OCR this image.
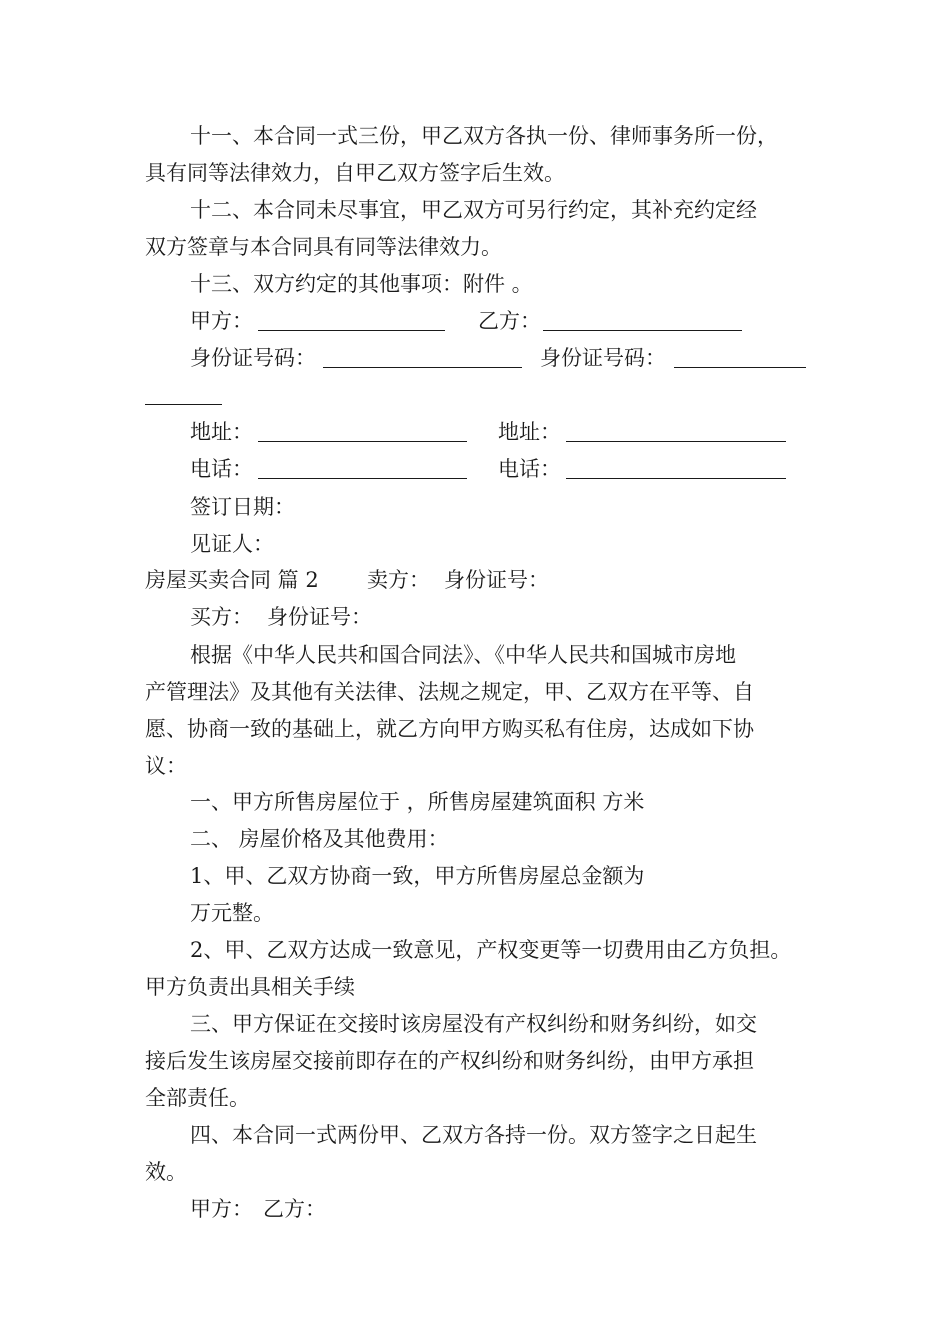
十一、本合同一式三份，甲乙双方各执一份、律师事务所一份，
具有同等法律效力，自甲乙双方签字后生效。
十二、本合同未尽事宜，甲乙双方可另行约定，其补充约定经
双方签章与本合同具有同等法律效力。
十三、双方约定的其他事项：附件 。
甲方：	乙方：
身份证号码：	身份证号码：
地址：	地址：
电话：	电话：
签订日期：
见证人：
房屋买卖合同 篇 2 卖方： 身份证号：
买方： 身份证号：
根据《中华人民共和国合同法》、《中华人民共和国城市房地
产管理法》及其他有关法律、法规之规定，甲、乙双方在平等、自
愿、协商一致的基础上，就乙方向甲方购买私有住房，达成如下协
议：
一、甲方所售房屋位于 ，所售房屋建筑面积 方米
二、 房屋价格及其他费用：
1、甲、乙双方协商一致，甲方所售房屋总金额为
万元整。
2、甲、乙双方达成一致意见，产权变更等一切费用由乙方负担。
甲方负责出具相关手续
三、甲方保证在交接时该房屋没有产权纠纷和财务纠纷，如交
接后发生该房屋交接前即存在的产权纠纷和财务纠纷，由甲方承担
全部责任。
四、本合同一式两份甲、乙双方各持一份。双方签字之日起生
效。
甲方： 乙方：
